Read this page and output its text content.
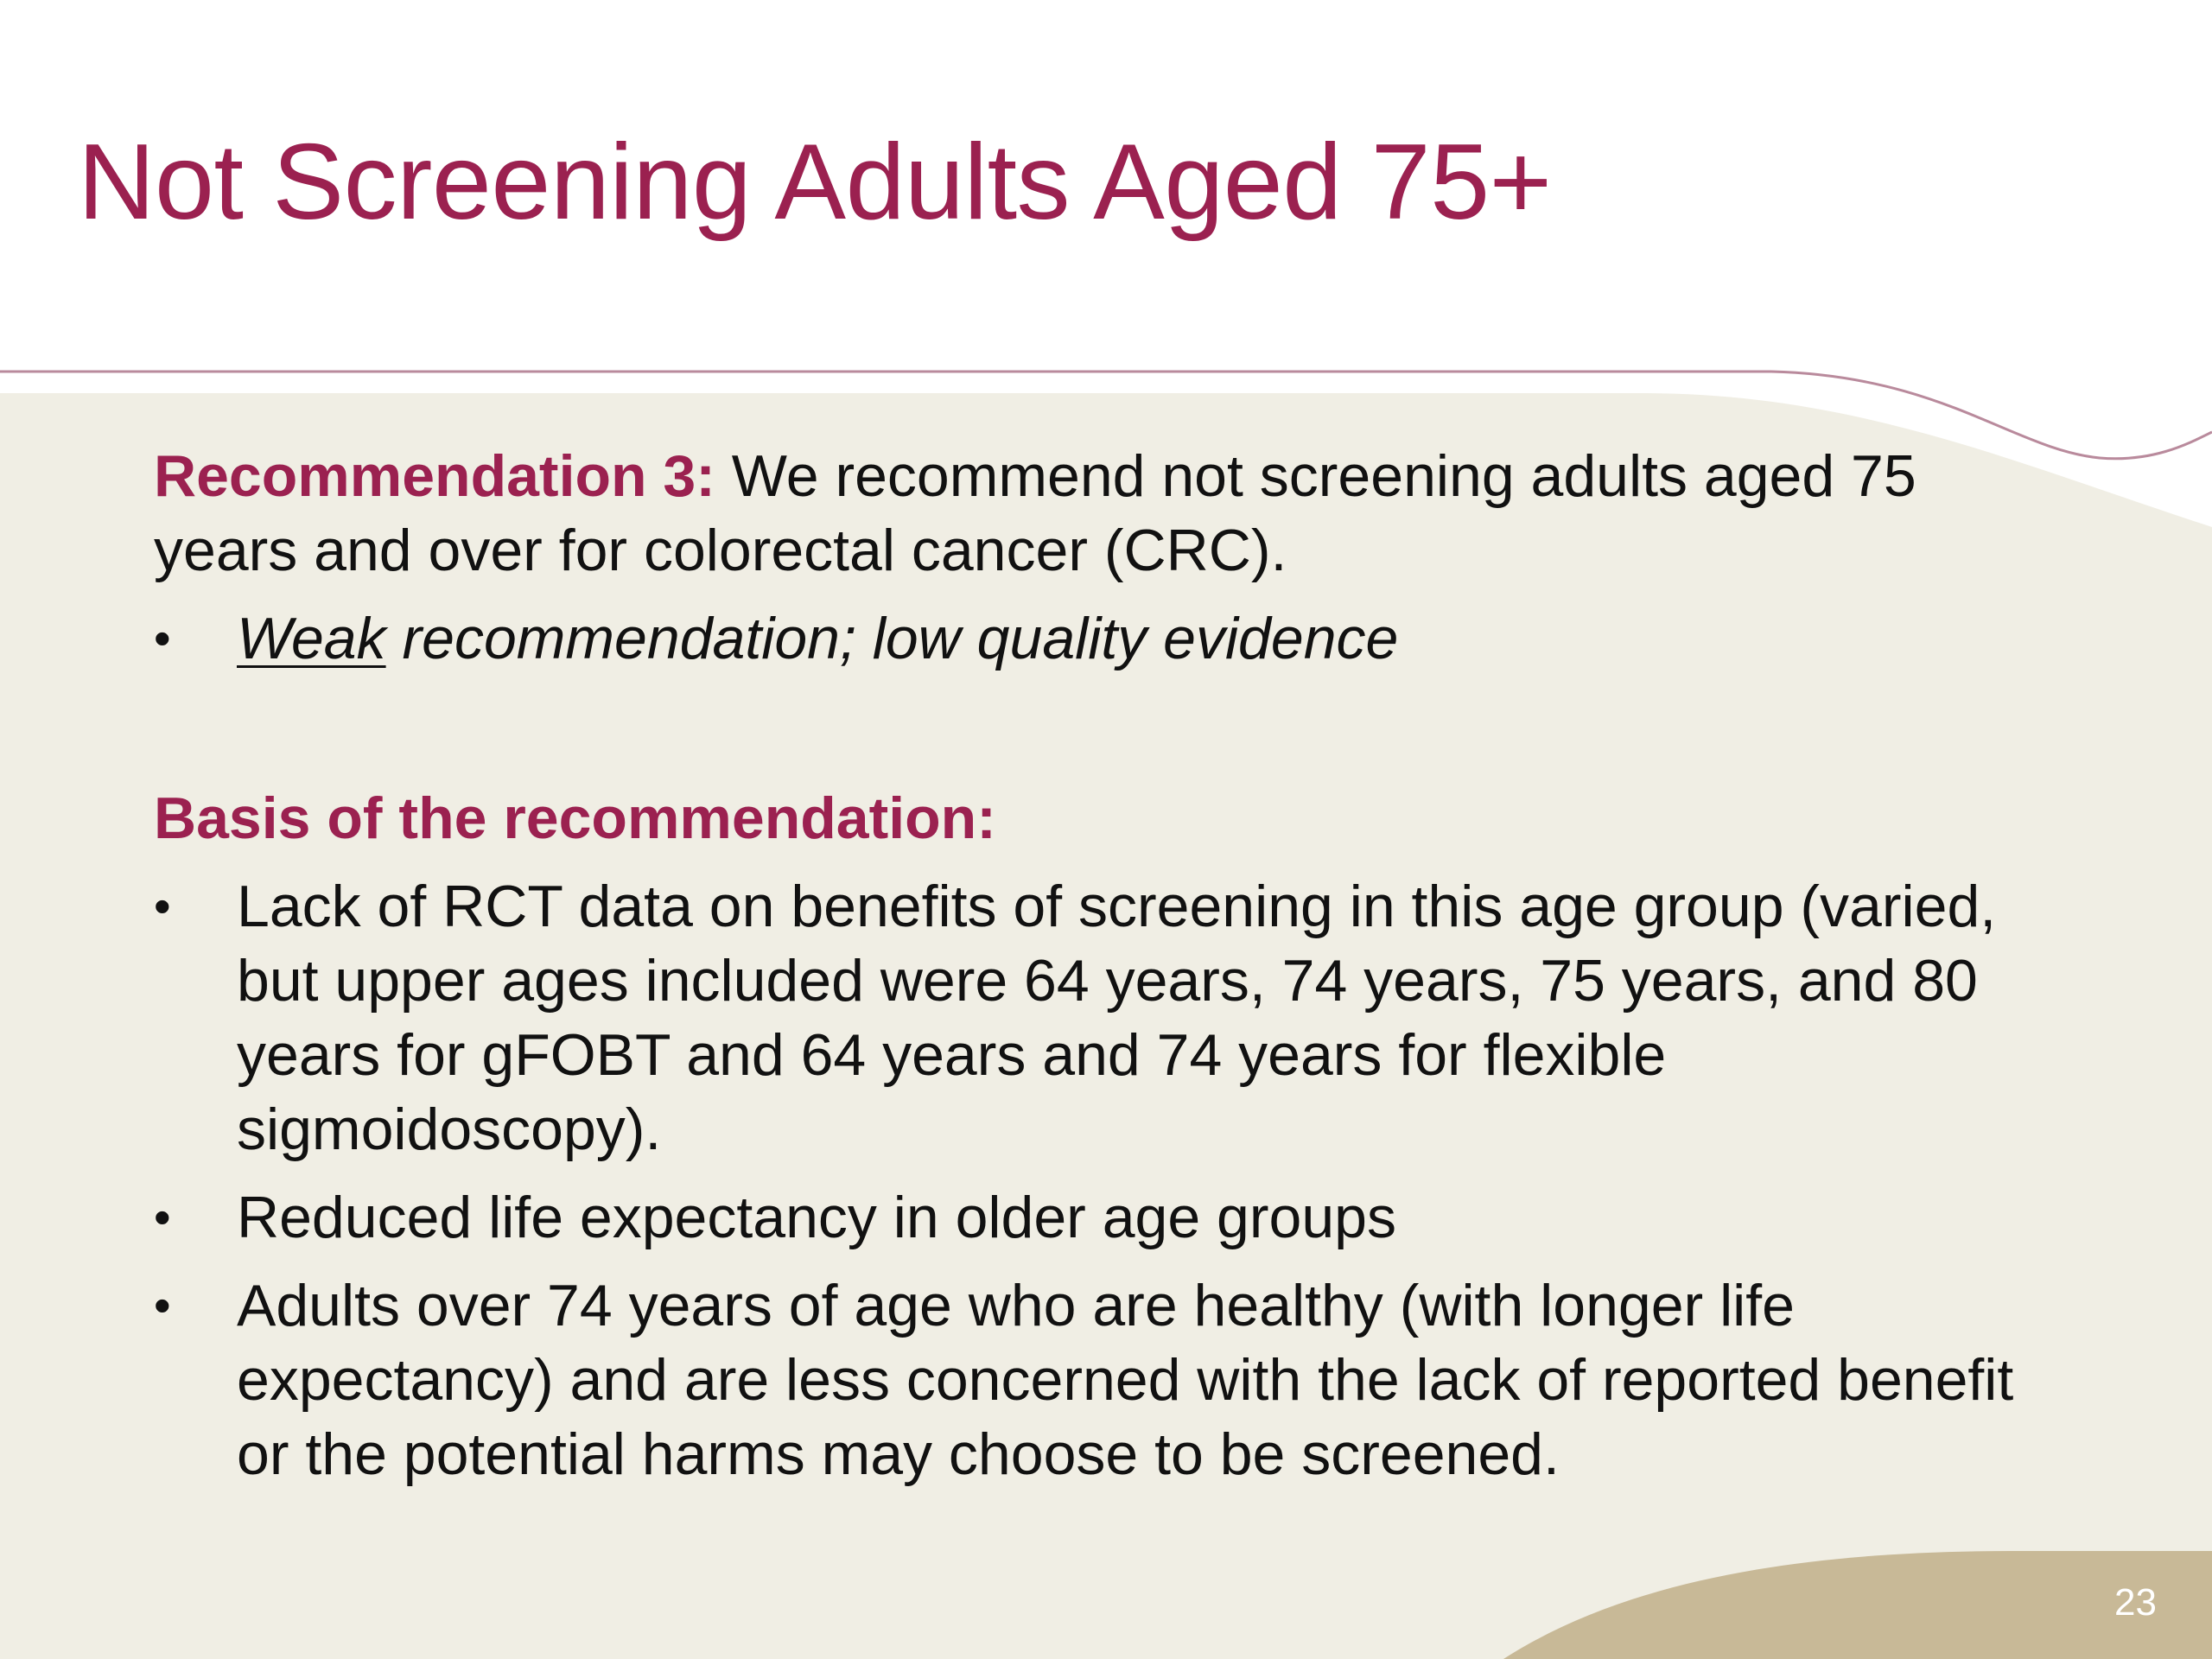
Not Screening Adults Aged 75+

Recommendation 3: We recommend not screening adults aged 75 years and over for colorectal cancer (CRC).

• Weak recommendation; low quality evidence

Basis of the recommendation:

• Lack of RCT data on benefits of screening in this age group (varied, but upper ages included were 64 years, 74 years, 75 years, and 80 years for gFOBT and 64 years and 74 years for flexible sigmoidoscopy).
• Reduced life expectancy in older age groups
• Adults over 74 years of age who are healthy (with longer life expectancy) and are less concerned with the lack of reported benefit or the potential harms may choose to be screened.
23
